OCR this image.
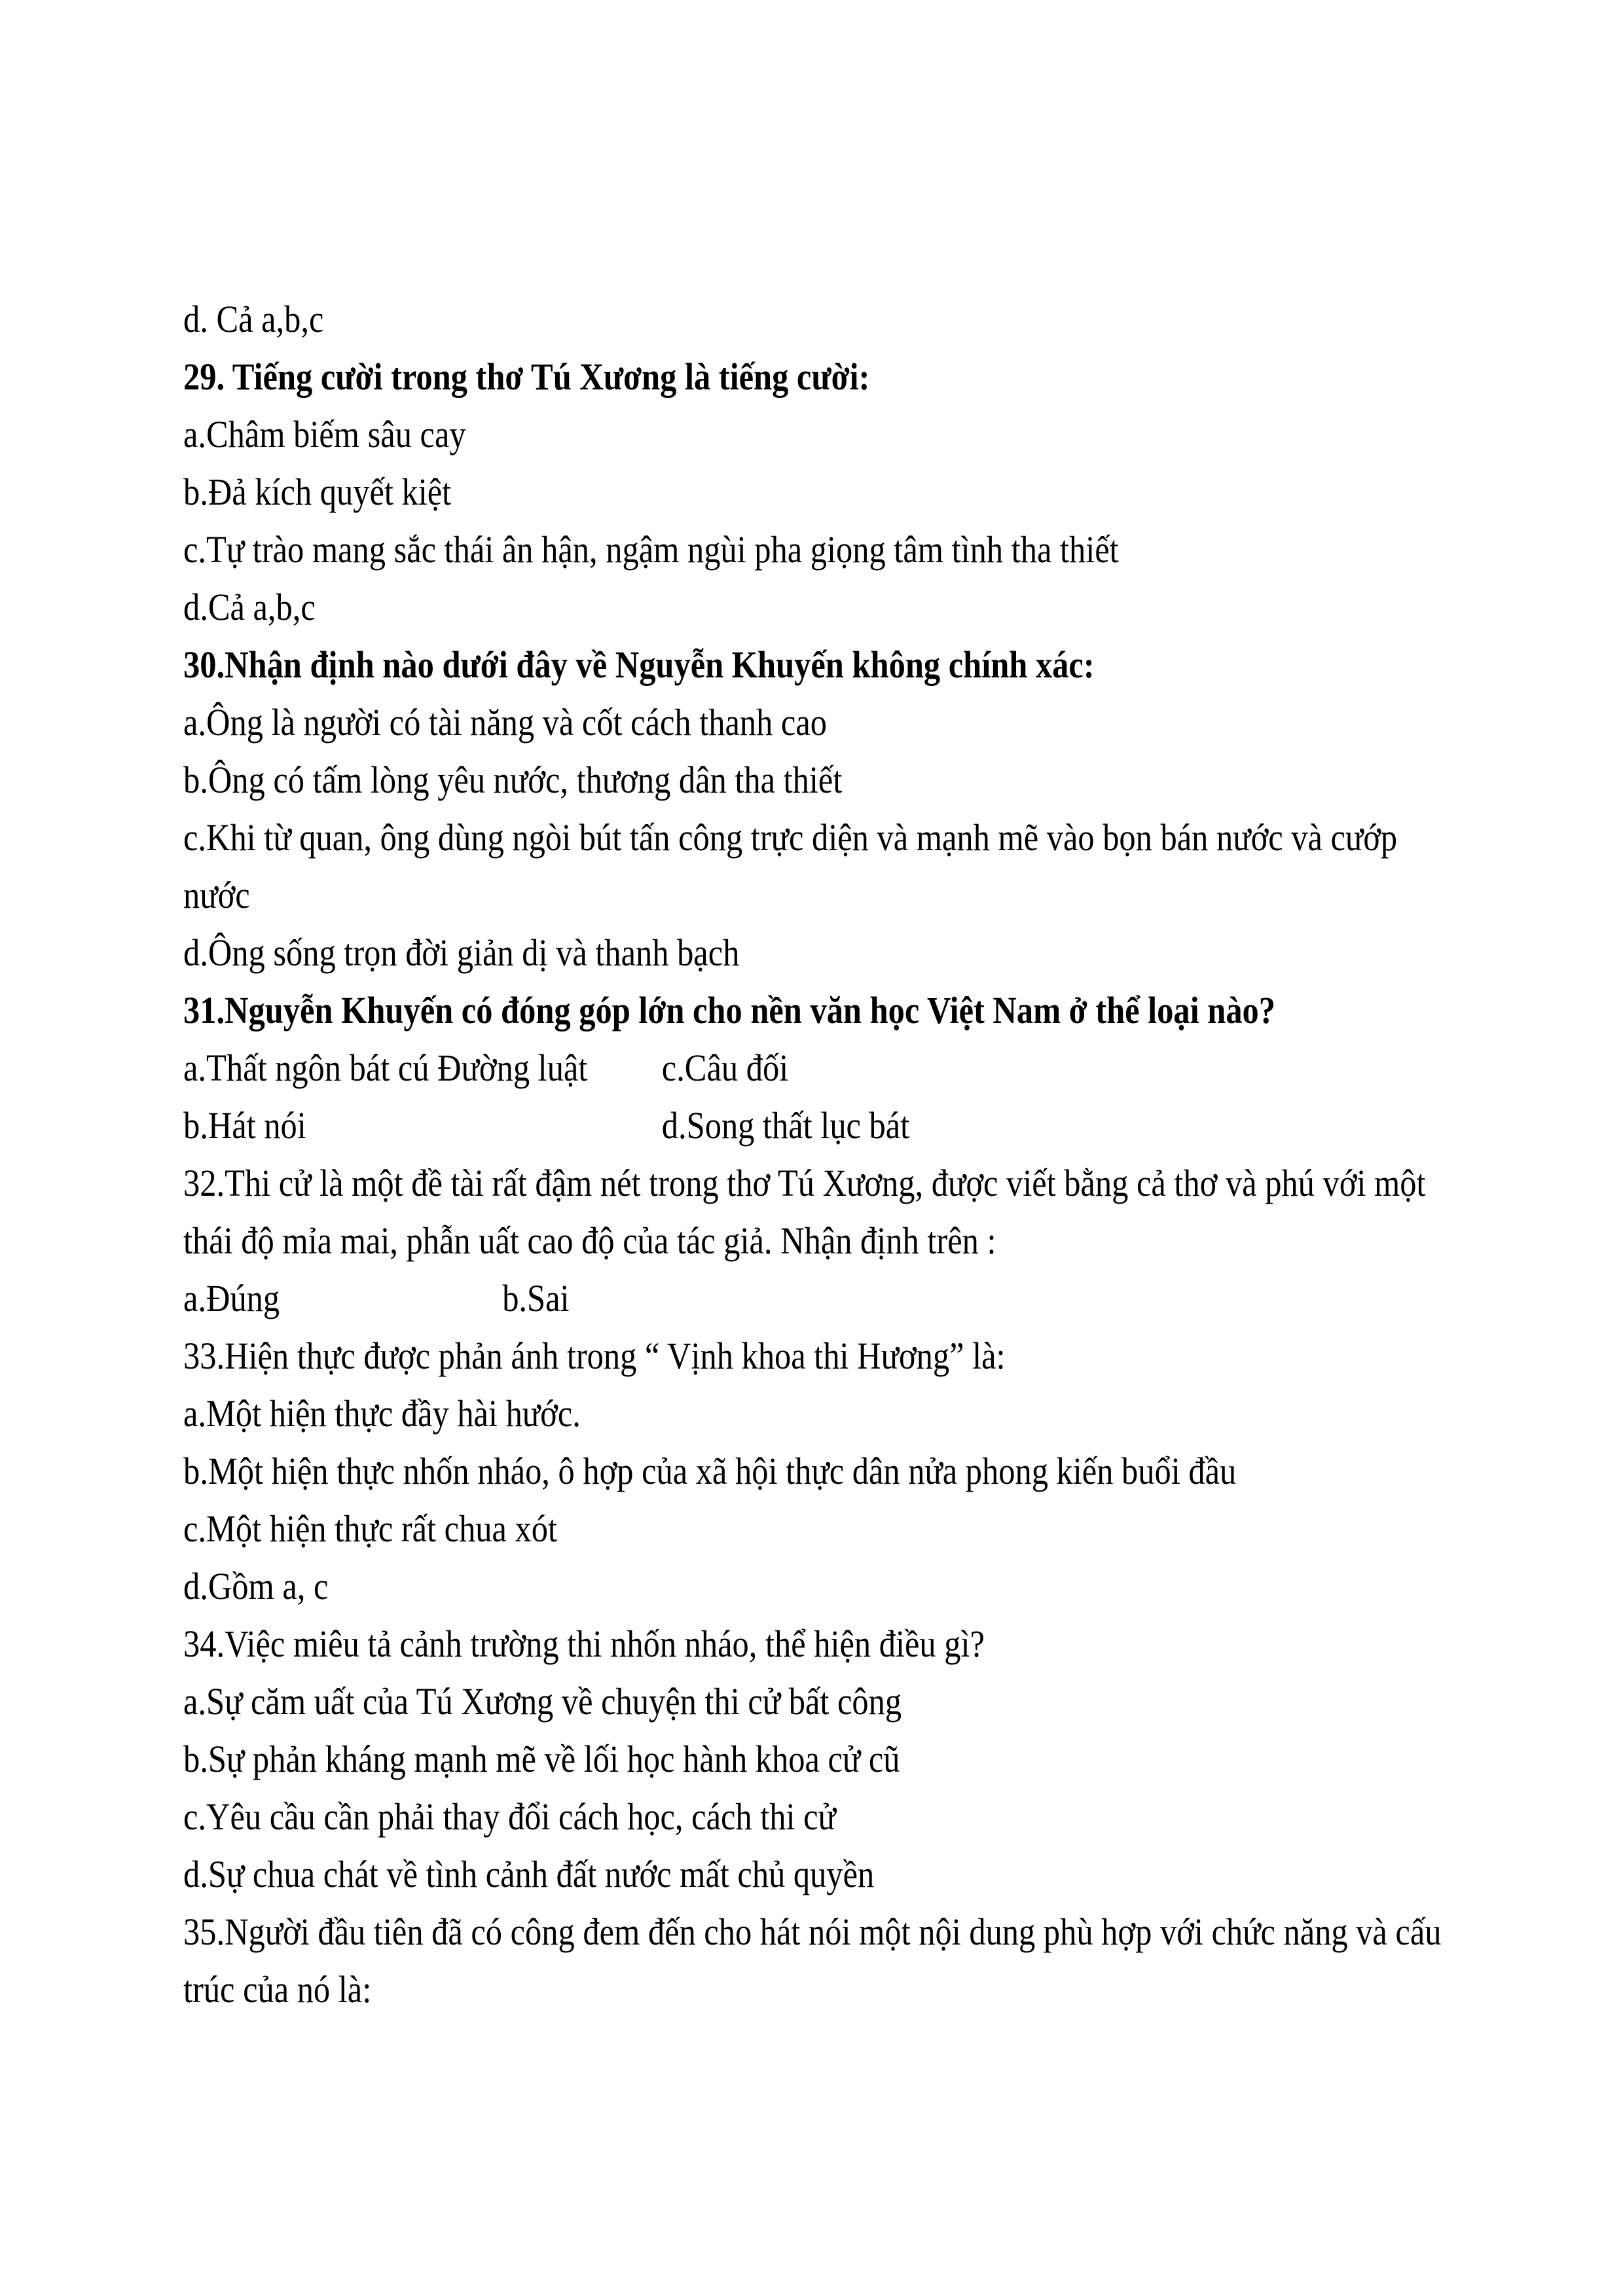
d. Cả a,b,c
29. Tiếng cười trong thơ Tú Xương là tiếng cười:
a.Châm biếm sâu cay
b.Đả kích quyết kiệt
c.Tự trào mang sắc thái ân hận, ngậm ngùi pha giọng tâm tình tha thiết
d.Cả a,b,c
30.Nhận định nào dưới đây về Nguyễn Khuyến không chính xác:
a.Ông là người có tài năng và cốt cách thanh cao
b.Ông có tấm lòng yêu nước, thương dân tha thiết
c.Khi từ quan, ông dùng ngòi bút tấn công trực diện và mạnh mẽ vào bọn bán nước và cướp
nước
d.Ông sống trọn đời giản dị và thanh bạch
31.Nguyễn Khuyến có đóng góp lớn cho nền văn học Việt Nam ở thể loại nào?
a.Thất ngôn bát cú Đường luật c.Câu đối
b.Hát nói	d.Song thất lục bát
32.Thi cử là một đề tài rất đậm nét trong thơ Tú Xương, được viết bằng cả thơ và phú với một
thái độ mỉa mai, phẫn uất cao độ của tác giả. Nhận định trên :
a.Đúng	b.Sai
33.Hiện thực được phản ánh trong “ Vịnh khoa thi Hương” là:
a.Một hiện thực đầy hài hước.
b.Một hiện thực nhốn nháo, ô hợp của xã hội thực dân nửa phong kiến buổi đầu
c.Một hiện thực rất chua xót
d.Gồm a, c
34.Việc miêu tả cảnh trường thi nhốn nháo, thể hiện điều gì?
a.Sự căm uất của Tú Xương về chuyện thi cử bất công
b.Sự phản kháng mạnh mẽ về lối học hành khoa cử cũ
c.Yêu cầu cần phải thay đổi cách học, cách thi cử
d.Sự chua chát về tình cảnh đất nước mất chủ quyền
35.Người đầu tiên đã có công đem đến cho hát nói một nội dung phù hợp với chức năng và cấu
trúc của nó là:
